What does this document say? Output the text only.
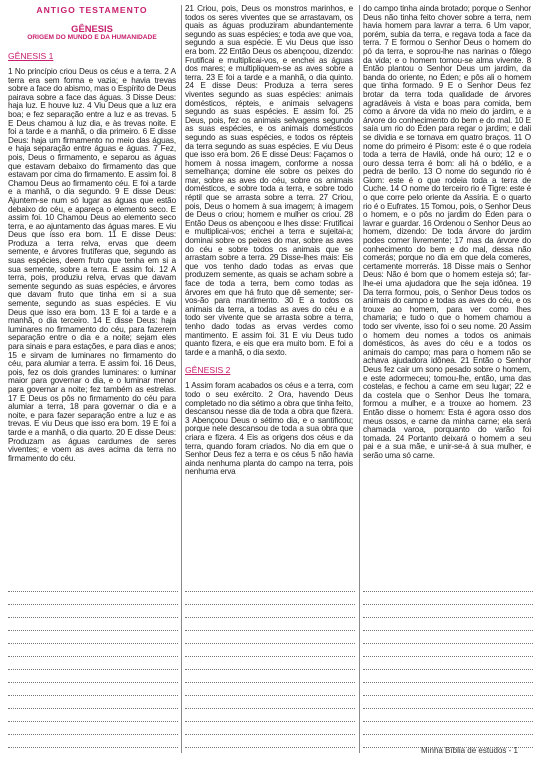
ANTIGO TESTAMENTO
GÊNESIS
ORIGEM DO MUNDO E DA HUMANIDADE
GÊNESIS 1

1 No princípio criou Deus os céus e a terra. 2 A terra era sem forma e vazia; e havia trevas sobre a face do abismo, mas o Espírito de Deus pairava sobre a face das águas. 3 Disse Deus: haja luz. E houve luz. 4 Viu Deus que a luz era boa; e fez separação entre a luz e as trevas. 5 E Deus chamou à luz dia, e às trevas noite. E foi a tarde e a manhã, o dia primeiro. 6 E disse Deus: haja um firmamento no meio das águas, e haja separação entre águas e águas. 7 Fez, pois, Deus o firmamento, e separou as águas que estavam debaixo do firmamento das que estavam por cima do firmamento. E assim foi. 8 Chamou Deus ao firmamento céu. E foi a tarde e a manhã, o dia segundo. 9 E disse Deus: Ajuntem-se num só lugar as águas que estão debaixo do céu, e apareça o elemento seco. E assim foi. 10 Chamou Deus ao elemento seco terra, e ao ajuntamento das águas mares. E viu Deus que isso era bom. 11 E disse Deus: Produza a terra relva, ervas que deem semente, e árvores frutíferas que, segundo as suas espécies, deem fruto que tenha em si a sua semente, sobre a terra. E assim foi. 12 A terra, pois, produziu relva, ervas que davam semente segundo as suas espécies, e árvores que davam fruto que tinha em si a sua semente, segundo as suas espécies. E viu Deus que isso era bom. 13 E foi a tarde e a manhã, o dia terceiro. 14 E disse Deus: haja luminares no firmamento do céu, para fazerem separação entre o dia e a noite; sejam eles para sinais e para estações, e para dias e anos; 15 e sirvam de luminares no firmamento do céu, para alumiar a terra. E assim foi. 16 Deus, pois, fez os dois grandes luminares: o luminar maior para governar o dia, e o luminar menor para governar a noite; fez também as estrelas. 17 E Deus os pôs no firmamento do céu para alumiar a terra, 18 para governar o dia e a noite, e para fazer separação entre a luz e as trevas. E viu Deus que isso era bom. 19 E foi a tarde e a manhã, o dia quarto. 20 E disse Deus: Produzam as águas cardumes de seres viventes; e voem as aves acima da terra no firmamento do céu.

21 Criou, pois, Deus os monstros marinhos, e todos os seres viventes que se arrastavam, os quais as águas produziram abundantemente segundo as suas espécies; e toda ave que voa, segundo a sua espécie. E viu Deus que isso era bom. 22 Então Deus os abençoou, dizendo: Frutificai e multiplicai-vos, e enchei as águas dos mares; e multipliquem-se as aves sobre a terra. 23 E foi a tarde e a manhã, o dia quinto. 24 E disse Deus: Produza a terra seres viventes segundo as suas espécies: animais domésticos, répteis, e animais selvagens segundo as suas espécies. E assim foi. 25 Deus, pois, fez os animais selvagens segundo as suas espécies, e os animais domésticos segundo as suas espécies, e todos os répteis da terra segundo as suas espécies. E viu Deus que isso era bom. 26 E disse Deus: Façamos o homem à nossa imagem, conforme a nossa semelhança; domine ele sobre os peixes do mar, sobre as aves do céu, sobre os animais domésticos, e sobre toda a terra, e sobre todo réptil que se arrasta sobre a terra. 27 Criou, pois, Deus o homem à sua imagem; à imagem de Deus o criou; homem e mulher os criou. 28 Então Deus os abençoou e lhes disse: Frutificai e multiplicai-vos; enchei a terra e sujeitai-a; dominai sobre os peixes do mar, sobre as aves do céu e sobre todos os animais que se arrastam sobre a terra. 29 Disse-lhes mais: Eis que vos tenho dado todas as ervas que produzem semente, as quais se acham sobre a face de toda a terra, bem como todas as árvores em que há fruto que dê semente; ser-vos-ão para mantimento. 30 E a todos os animais da terra, a todas as aves do céu e a todo ser vivente que se arrasta sobre a terra, tenho dado todas as ervas verdes como mantimento. E assim foi. 31 E viu Deus tudo quanto fizera, e eis que era muito bom. E foi a tarde e a manhã, o dia sexto.

GÊNESIS 2

1 Assim foram acabados os céus e a terra, com todo o seu exército. 2 Ora, havendo Deus completado no dia sétimo a obra que tinha feito, descansou nesse dia de toda a obra que fizera. 3 Abençoou Deus o sétimo dia, e o santificou; porque nele descansou de toda a sua obra que criara e fizera. 4 Eis as origens dos céus e da terra, quando foram criados. No dia em que o Senhor Deus fez a terra e os céus 5 não havia ainda nenhuma planta do campo na terra, pois nenhuma erva

do campo tinha ainda brotado; porque o Senhor Deus não tinha feito chover sobre a terra, nem havia homem para lavrar a terra. 6 Um vapor, porém, subia da terra, e regava toda a face da terra. 7 E formou o Senhor Deus o homem do pó da terra, e soprou-lhe nas narinas o fôlego da vida; e o homem tornou-se alma vivente. 8 Então plantou o Senhor Deus um jardim, da banda do oriente, no Éden; e pôs ali o homem que tinha formado. 9 E o Senhor Deus fez brotar da terra toda qualidade de árvores agradáveis à vista e boas para comida, bem como a árvore da vida no meio do jardim, e a árvore do conhecimento do bem e do mal. 10 E saía um rio do Éden para regar o jardim; e dali se dividia e se tornava em quatro braços. 11 O nome do primeiro é Pisom: este é o que rodeia toda a terra de Havilá, onde há ouro; 12 e o ouro dessa terra é bom: ali há o bdélio, e a pedra de berilo. 13 O nome do segundo rio é Giom: este é o que rodeia toda a terra de Cuche. 14 O nome do terceiro rio é Tigre: este é o que corre pelo oriente da Assíria. E o quarto rio é o Eufrates. 15 Tomou, pois, o Senhor Deus o homem, e o pôs no jardim do Éden para o lavrar e guardar. 16 Ordenou o Senhor Deus ao homem, dizendo: De toda árvore do jardim podes comer livremente; 17 mas da árvore do conhecimento do bem e do mal, dessa não comerás; porque no dia em que dela comeres, certamente morrerás. 18 Disse mais o Senhor Deus: Não é bom que o homem esteja só; far-lhe-ei uma ajudadora que lhe seja idônea. 19 Da terra formou, pois, o Senhor Deus todos os animais do campo e todas as aves do céu, e os trouxe ao homem, para ver como lhes chamaria; e tudo o que o homem chamou a todo ser vivente, isso foi o seu nome. 20 Assim o homem deu nomes a todos os animais domésticos, às aves do céu e a todos os animais do campo; mas para o homem não se achava ajudadora idônea. 21 Então o Senhor Deus fez cair um sono pesado sobre o homem, e este adormeceu; tomou-lhe, então, uma das costelas, e fechou a carne em seu lugar; 22 e da costela que o Senhor Deus lhe tomara, formou a mulher, e a trouxe ao homem. 23 Então disse o homem: Esta é agora osso dos meus ossos, e carne da minha carne; ela será chamada varoa, porquanto do varão foi tomada. 24 Portanto deixará o homem a seu pai e a sua mãe, e unir-se-á à sua mulher, e serão uma só carne.

Minha Bíblia de estudos - 1
